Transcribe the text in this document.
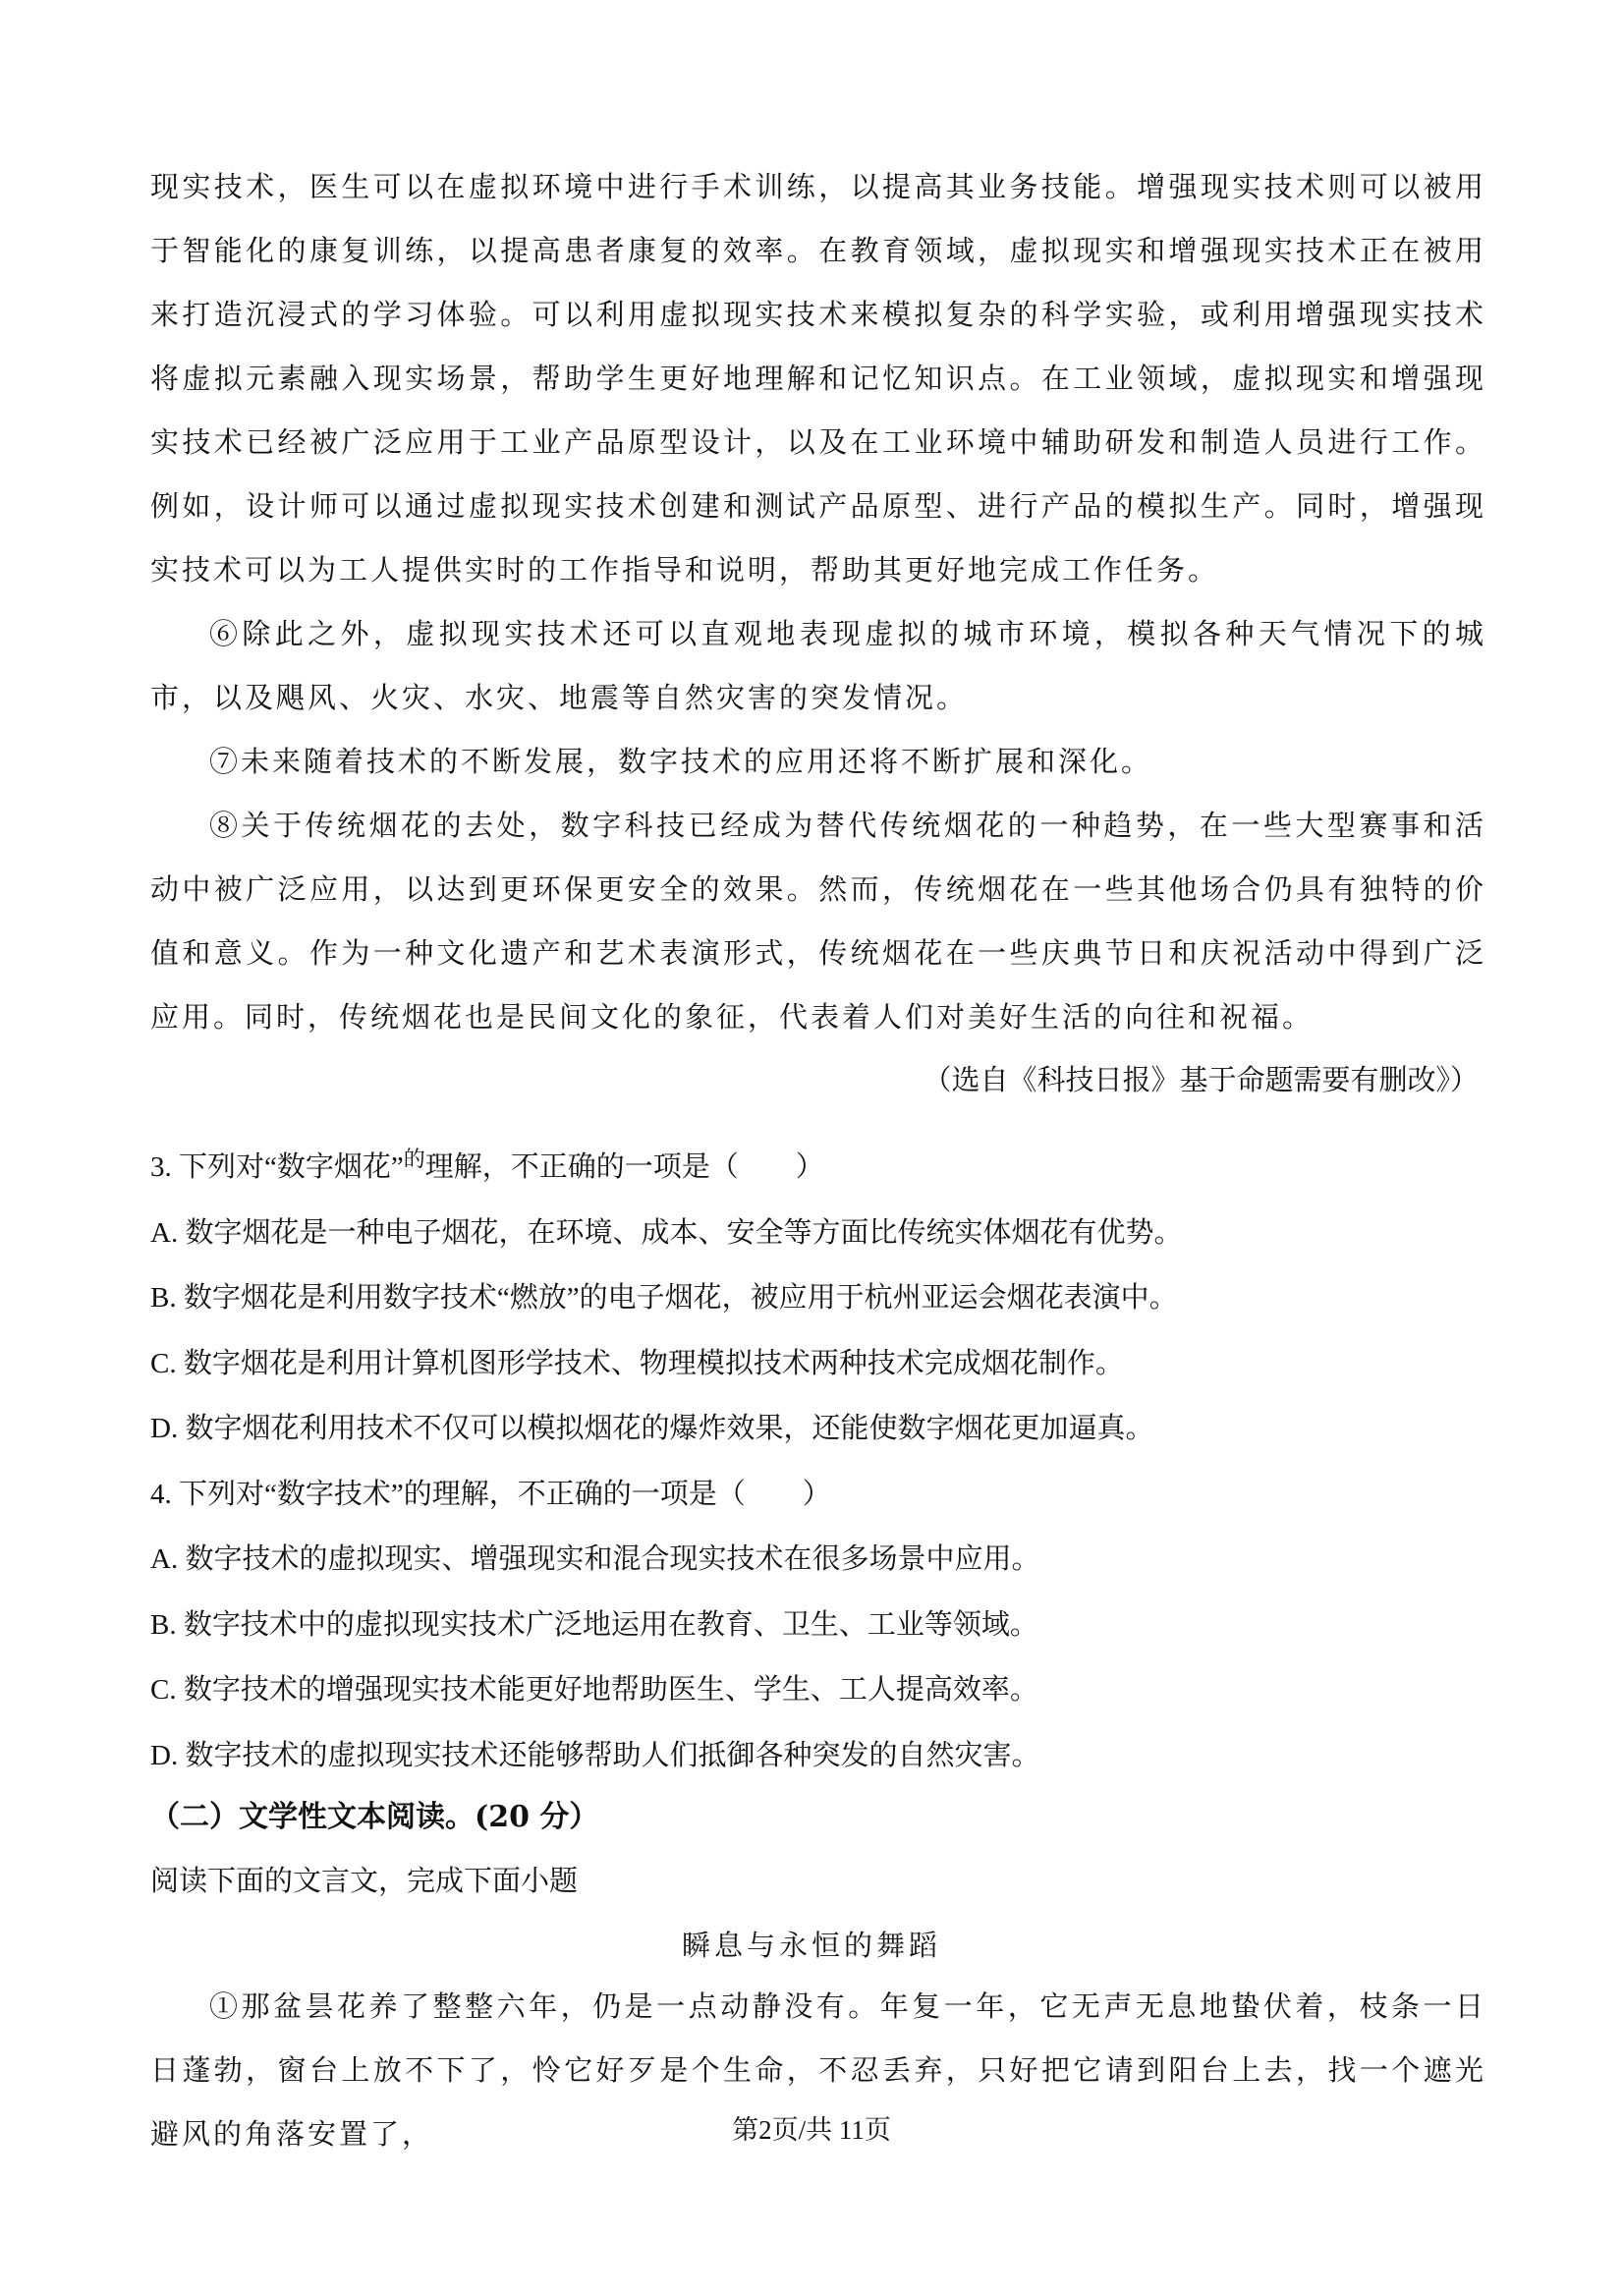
现实技术，医生可以在虚拟环境中进行手术训练，以提高其业务技能。增强现实技术则可以被用于智能化的康复训练，以提高患者康复的效率。在教育领域，虚拟现实和增强现实技术正在被用来打造沉浸式的学习体验。可以利用虚拟现实技术来模拟复杂的科学实验，或利用增强现实技术将虚拟元素融入现实场景，帮助学生更好地理解和记忆知识点。在工业领域，虚拟现实和增强现实技术已经被广泛应用于工业产品原型设计，以及在工业环境中辅助研发和制造人员进行工作。例如，设计师可以通过虚拟现实技术创建和测试产品原型、进行产品的模拟生产。同时，增强现实技术可以为工人提供实时的工作指导和说明，帮助其更好地完成工作任务。

⑥除此之外，虚拟现实技术还可以直观地表现虚拟的城市环境，模拟各种天气情况下的城市，以及飓风、火灾、水灾、地震等自然灾害的突发情况。

⑦未来随着技术的不断发展，数字技术的应用还将不断扩展和深化。

⑧关于传统烟花的去处，数字科技已经成为替代传统烟花的一种趋势，在一些大型赛事和活动中被广泛应用，以达到更环保更安全的效果。然而，传统烟花在一些其他场合仍具有独特的价值和意义。作为一种文化遗产和艺术表演形式，传统烟花在一些庆典节日和庆祝活动中得到广泛应用。同时，传统烟花也是民间文化的象征，代表着人们对美好生活的向往和祝福。

（选自《科技日报》基于命题需要有删改》）
3. 下列对“数字烟花”$^的$理解，不正确的一项是（　　）
A. 数字烟花是一种电子烟花，在环境、成本、安全等方面比传统实体烟花有优势。
B. 数字烟花是利用数字技术“燃放”的电子烟花，被应用于杭州亚运会烟花表演中。
C. 数字烟花是利用计算机图形学技术、物理模拟技术两种技术完成烟花制作。
D. 数字烟花利用技术不仅可以模拟烟花的爆炸效果，还能使数字烟花更加逼真。
4. 下列对“数字技术”的理解，不正确的一项是（　　）
A. 数字技术的虚拟现实、增强现实和混合现实技术在很多场景中应用。
B. 数字技术中的虚拟现实技术广泛地运用在教育、卫生、工业等领域。
C. 数字技术的增强现实技术能更好地帮助医生、学生、工人提高效率。
D. 数字技术的虚拟现实技术还能够帮助人们抵御各种突发的自然灾害。
（二）文学性文本阅读。(20 分）
阅读下面的文言文，完成下面小题
瞬息与永恒的舞蹈

①那盆昙花养了整整六年，仍是一点动静没有。年复一年，它无声无息地蛰伏着，枝条一日日蓬勃，窗台上放不下了，怜它好歹是个生命，不忍丢弃，只好把它请到阳台上去，找一个遮光避风的角落安置了，	第2页/共 11页
